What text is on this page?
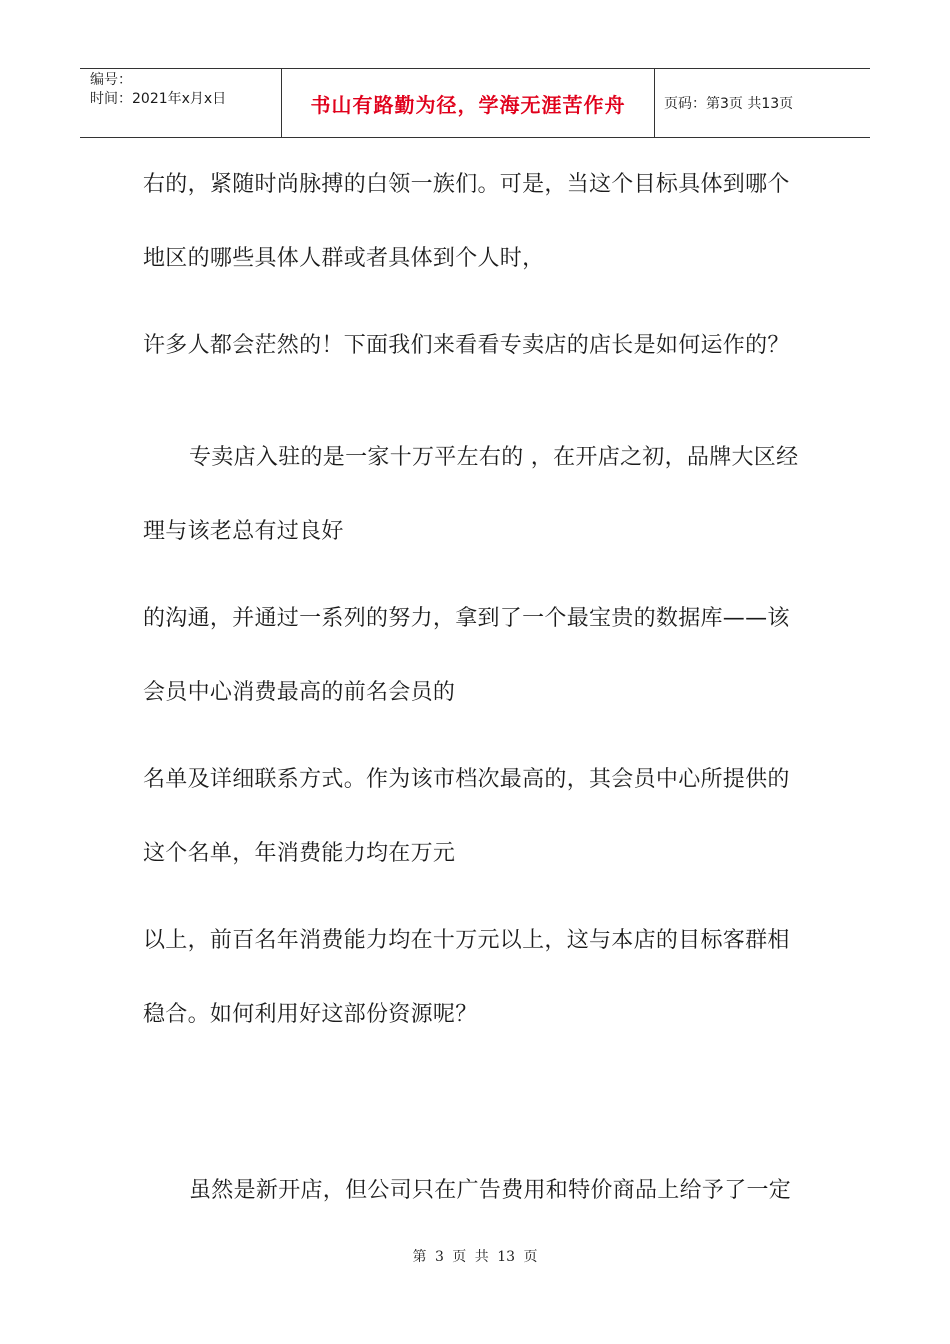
编号：
时间：2021年x月x日	书山有路勤为径，学海无涯苦作舟	页码：第3页 共13页
右的，紧随时尚脉搏的白领一族们。可是，当这个目标具体到哪个
地区的哪些具体人群或者具体到个人时，
许多人都会茫然的！下面我们来看看专卖店的店长是如何运作的？
专卖店入驻的是一家十万平左右的 ，在开店之初，品牌大区经
理与该老总有过良好
的沟通，并通过一系列的努力，拿到了一个最宝贵的数据库——该
会员中心消费最高的前名会员的
名单及详细联系方式。作为该市档次最高的，其会员中心所提供的
这个名单，年消费能力均在万元
以上，前百名年消费能力均在十万元以上，这与本店的目标客群相
稳合。如何利用好这部份资源呢？
虽然是新开店，但公司只在广告费用和特价商品上给予了一定
第 3 页 共 13 页
